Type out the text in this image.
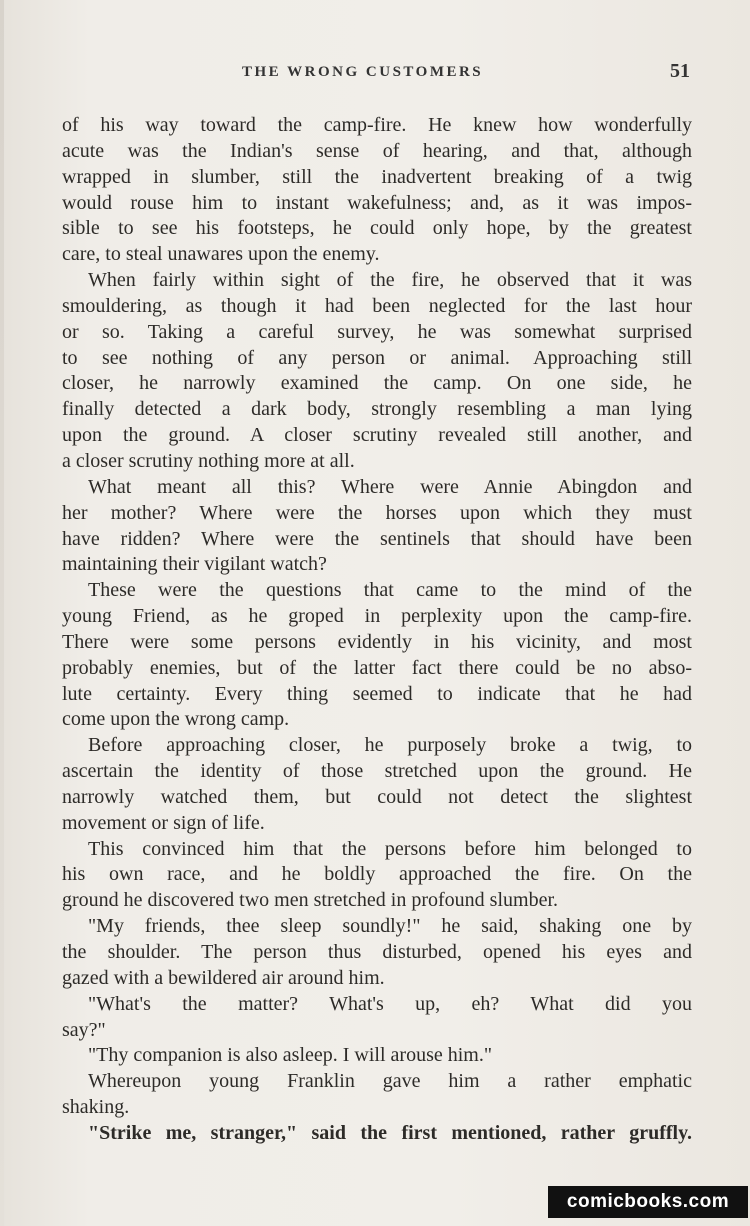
THE WRONG CUSTOMERS	51
of his way toward the camp-fire. He knew how wonderfully
acute was the Indian's sense of hearing, and that, although
wrapped in slumber, still the inadvertent breaking of a twig
would rouse him to instant wakefulness; and, as it was impos-
sible to see his footsteps, he could only hope, by the greatest
care, to steal unawares upon the enemy.
When fairly within sight of the fire, he observed that it was
smouldering, as though it had been neglected for the last hour
or so. Taking a careful survey, he was somewhat surprised
to see nothing of any person or animal. Approaching still
closer, he narrowly examined the camp. On one side, he
finally detected a dark body, strongly resembling a man lying
upon the ground. A closer scrutiny revealed still another, and
a closer scrutiny nothing more at all.
What meant all this? Where were Annie Abingdon and
her mother? Where were the horses upon which they must
have ridden? Where were the sentinels that should have been
maintaining their vigilant watch?
These were the questions that came to the mind of the
young Friend, as he groped in perplexity upon the camp-fire.
There were some persons evidently in his vicinity, and most
probably enemies, but of the latter fact there could be no abso-
lute certainty. Every thing seemed to indicate that he had
come upon the wrong camp.
Before approaching closer, he purposely broke a twig, to
ascertain the identity of those stretched upon the ground. He
narrowly watched them, but could not detect the slightest
movement or sign of life.
This convinced him that the persons before him belonged to
his own race, and he boldly approached the fire. On the
ground he discovered two men stretched in profound slumber.
"My friends, thee sleep soundly!" he said, shaking one by
the shoulder. The person thus disturbed, opened his eyes and
gazed with a bewildered air around him.
"What's the matter? What's up, eh? What did you
say?"
"Thy companion is also asleep. I will arouse him."
Whereupon young Franklin gave him a rather emphatic
shaking.
"Strike me, stranger," said the first mentioned, rather gruffly.
comicbooks.com
